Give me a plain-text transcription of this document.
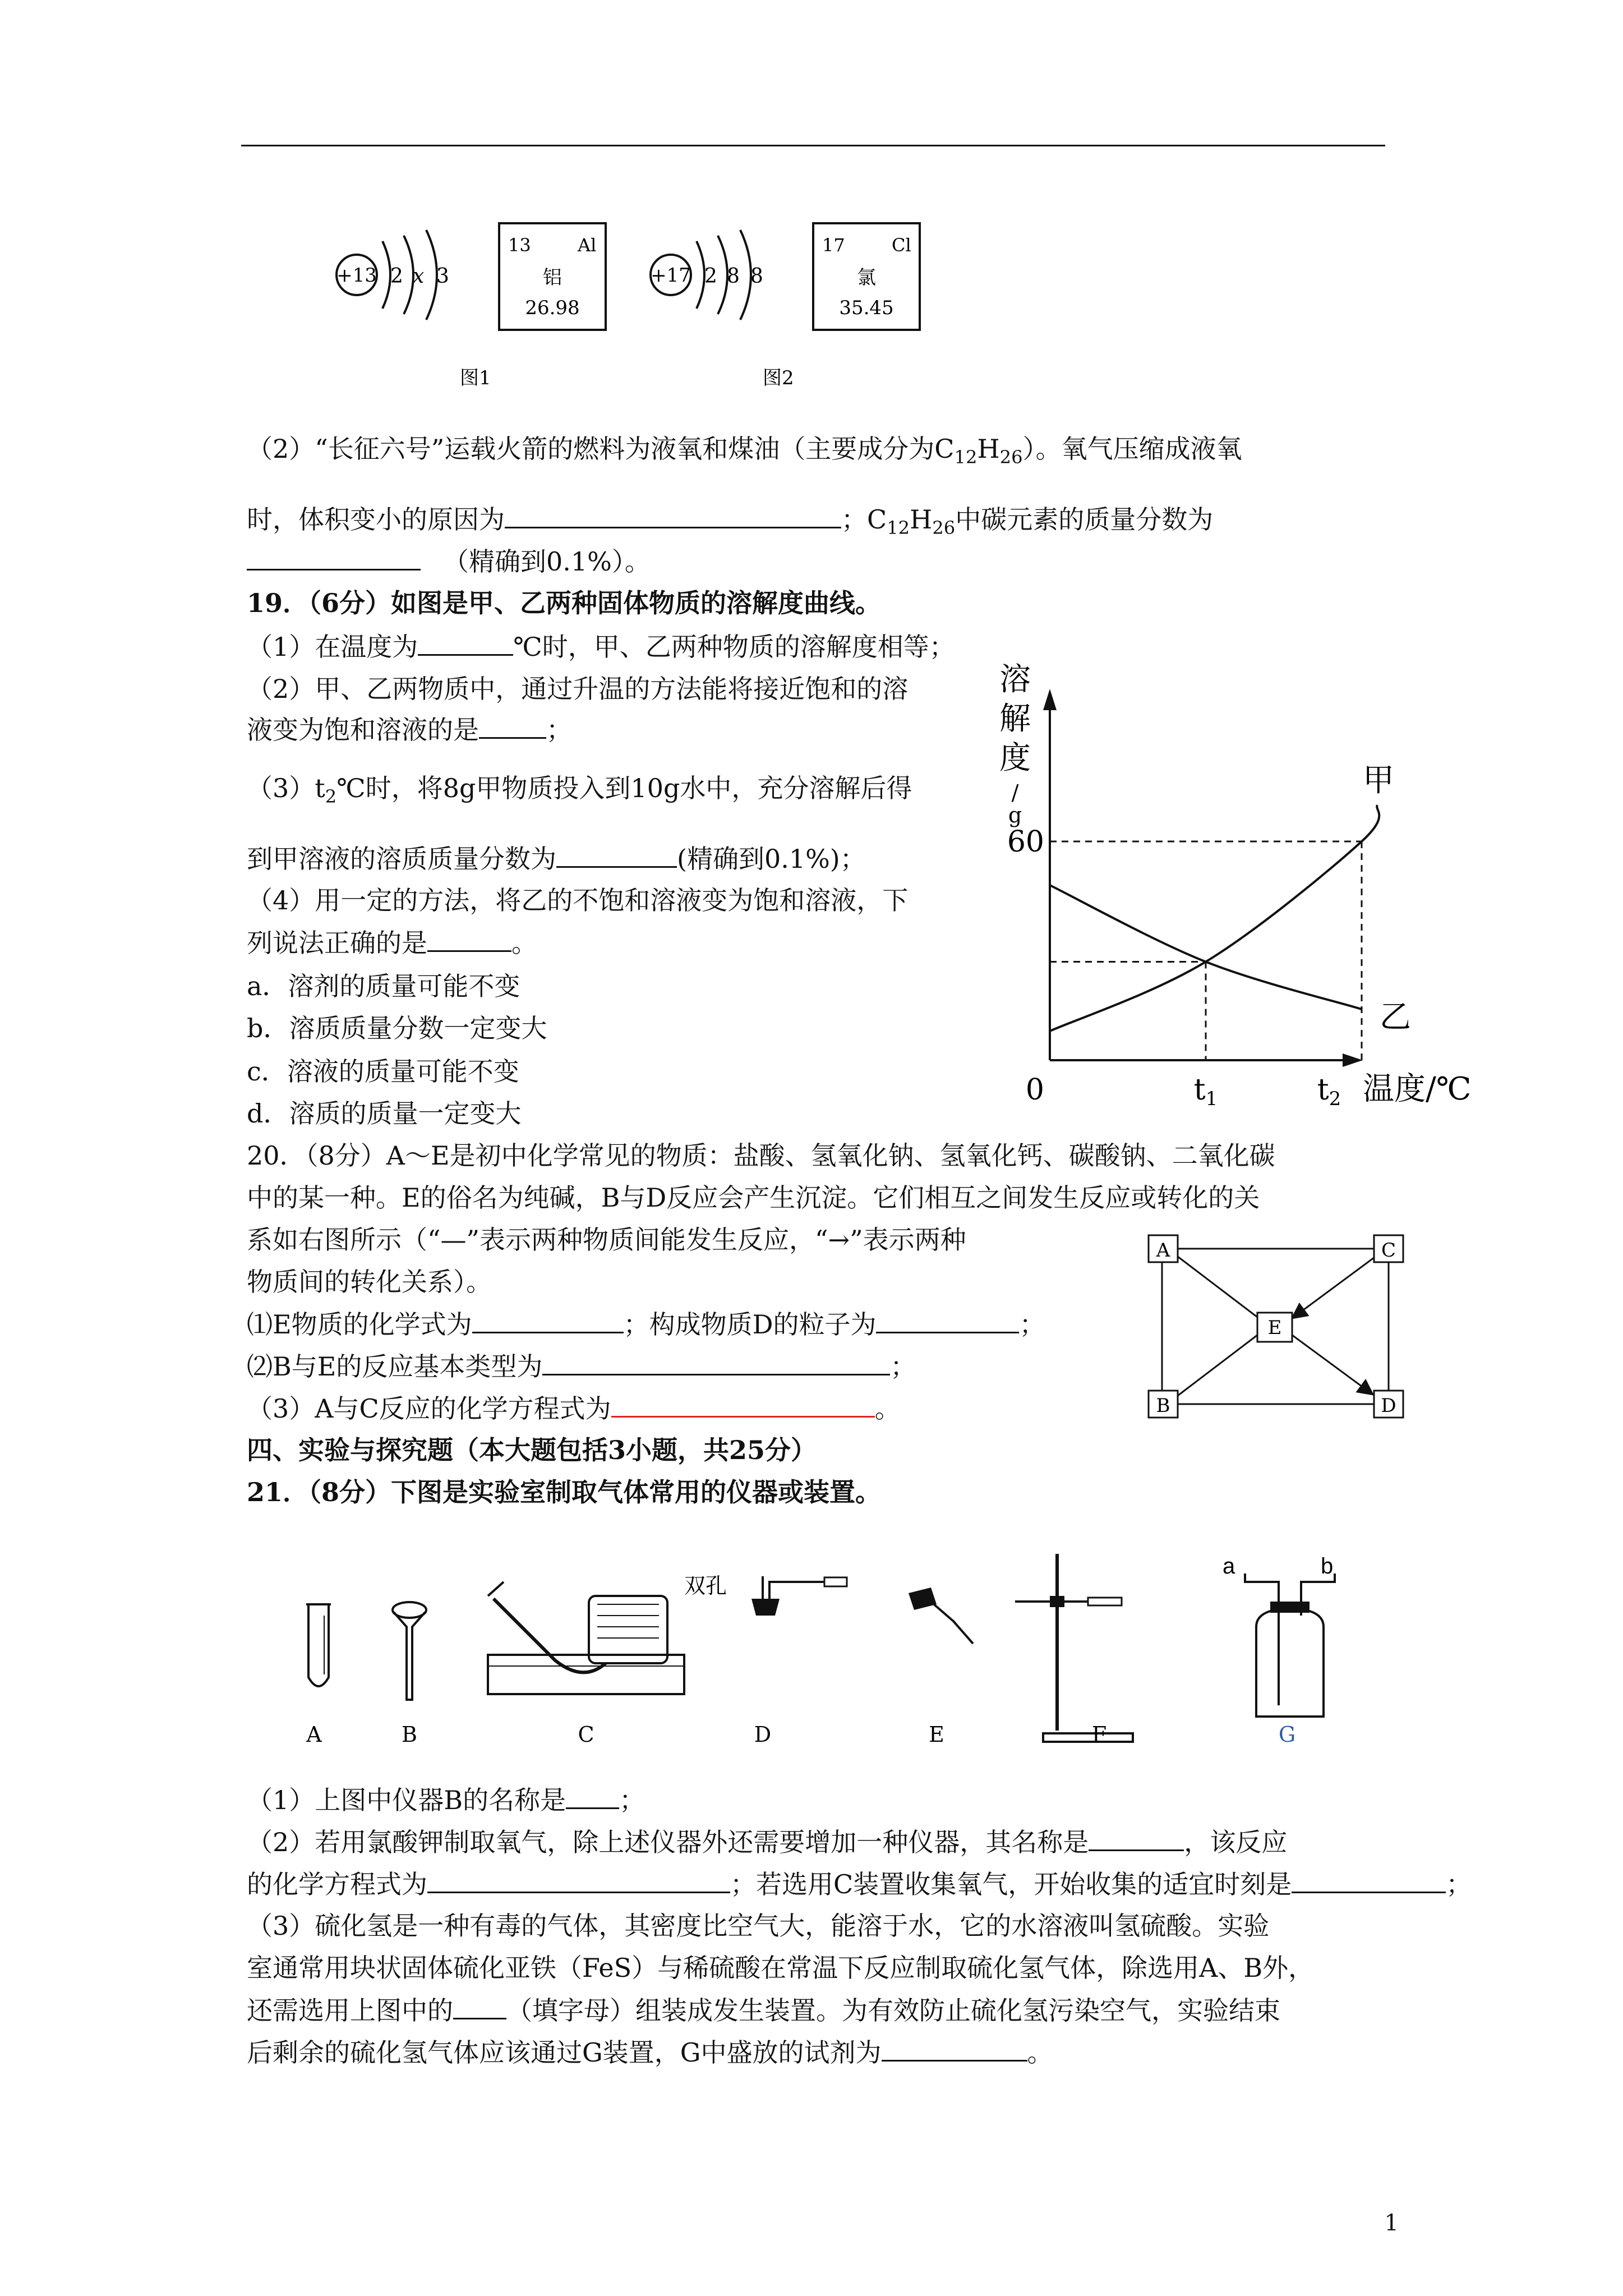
+13 2 x 3
13	Al
铝
26.98
+17 2 8 8
17	Cl
氯
35.45
图1	图2
（2）“长征六号”运载火箭的燃料为液氧和煤油（主要成分为$C_{12}H_{26}$）。氧气压缩成液氧
时，体积变小的原因为	；$C_{12}H_{26}$中碳元素的质量分数为
（精确到0.1%）。
19．（6分）如图是甲、乙两种固体物质的溶解度曲线。
（1）在温度为	℃时，甲、乙两种物质的溶解度相等；
（2）甲、乙两物质中，通过升温的方法能将接近饱和的溶
液变为饱和溶液的是	；
$(3)t_2℃$时，将8g甲物质投入到10g水中，充分溶解后得
到甲溶液的溶质质量分数为	(精确到0.1%)；
（4）用一定的方法，将乙的不饱和溶液变为饱和溶液，下
列说法正确的是	。
a．溶剂的质量可能不变
b．溶质质量分数一定变大
c．溶液的质量可能不变
d．溶质的质量一定变大
溶
解
度
/
g
60
0	t1	t2 温度/℃
甲
乙
20．（8分）A～E是初中化学常见的物质：盐酸、氢氧化钠、氢氧化钙、碳酸钠、二氧化碳
中的某一种。E的俗名为纯碱，B与D反应会产生沉淀。它们相互之间发生反应或转化的关
系如右图所示（“—”表示两种物质间能发生反应，“→”表示两种
物质间的转化关系）。
⑴E物质的化学式为	；构成物质D的粒子为	；
⑵B与E的反应基本类型为	；
（3）A与C反应的化学方程式为	。
A	C
E
B	D
四、实验与探究题（本大题包括3小题，共25分）
21．（8分）下图是实验室制取气体常用的仪器或装置。
双孔
a	b
A	B	C	D	E	F	G
（1）上图中仪器B的名称是 ；
（2）若用氯酸钾制取氧气，除上述仪器外还需要增加一种仪器，其名称是	，该反应
的化学方程式为	；若选用C装置收集氧气，开始收集的适宜时刻是	；
（3）硫化氢是一种有毒的气体，其密度比空气大，能溶于水，它的水溶液叫氢硫酸。实验
室通常用块状固体硫化亚铁（FeS）与稀硫酸在常温下反应制取硫化氢气体，除选用A、B外，
还需选用上图中的 （填字母）组装成发生装置。为有效防止硫化氢污染空气，实验结束
后剩余的硫化氢气体应该通过G装置，G中盛放的试剂为	。
1
